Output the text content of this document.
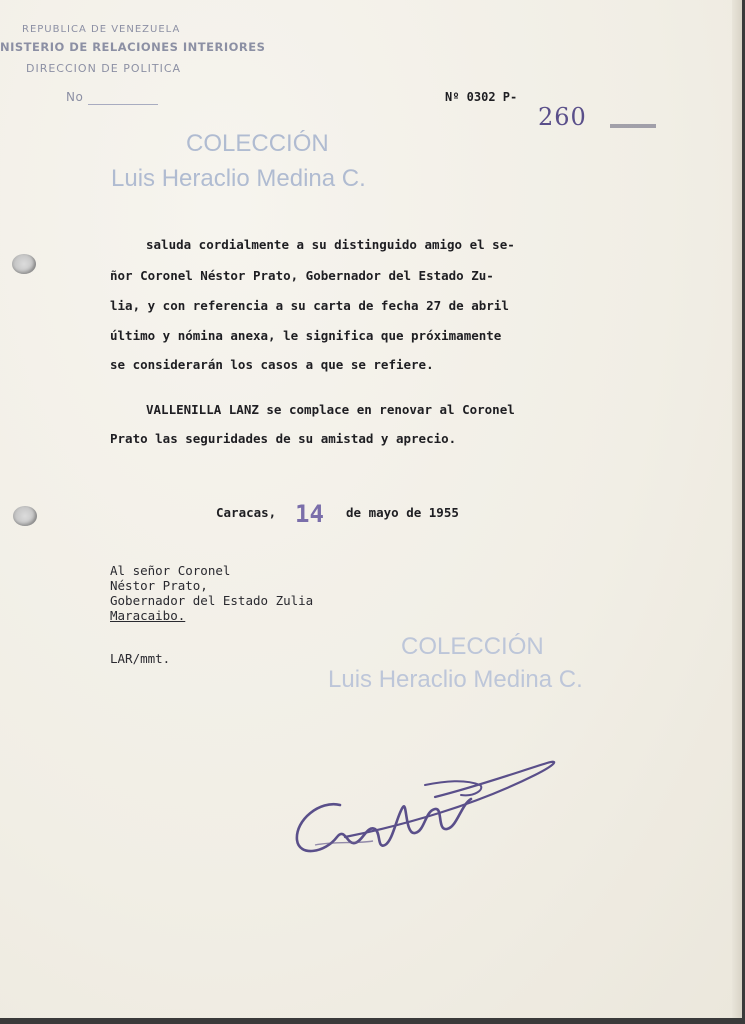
REPUBLICA DE VENEZUELA
NISTERIO DE RELACIONES INTERIORES
DIRECCION DE POLITICA
No	Nº 0302 P-
260
COLECCIÓN
Luis Heraclio Medina C.
saluda cordialmente a su distinguido amigo el se-
ñor Coronel Néstor Prato, Gobernador del Estado Zu-
lia, y con referencia a su carta de fecha 27 de abril
último y nómina anexa, le significa que próximamente
se considerarán los casos a que se refiere.
VALLENILLA LANZ se complace en renovar al Coronel
Prato las seguridades de su amistad y aprecio.
Caracas, 14 de mayo de 1955
Al señor Coronel
Néstor Prato,
Gobernador del Estado Zulia
Maracaibo.
COLECCIÓN
Luis Heraclio Medina C.
LAR/mmt.
